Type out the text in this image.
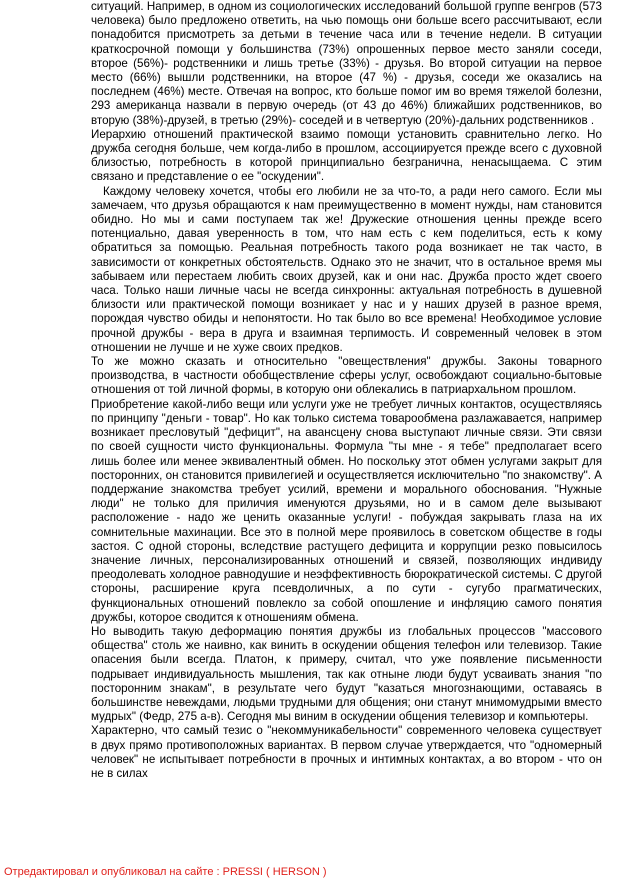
ситуаций. Например, в одном из социологических исследований большой группе венгров (573 человека) было предложено ответить, на чью помощь они больше всего рассчитывают, если понадобится присмотреть за детьми в течение часа или в течение недели. В ситуации краткосрочной помощи у большинства (73%) опрошенных первое место заняли соседи, второе (56%)- родственники и лишь третье (33%) - друзья. Во второй ситуации на первое место (66%) вышли родственники, на второе (47 %) - друзья, соседи же оказались на последнем (46%) месте. Отвечая на вопрос, кто больше помог им во время тяжелой болезни, 293 американца назвали в первую очередь (от 43 до 46%) ближайших родственников, во вторую (38%)-друзей, в третью (29%)- соседей и в четвертую (20%)-дальних родственников .

Иерархию отношений практической взаимо помощи установить сравнительно легко. Но дружба сегодня больше, чем когда-либо в прошлом, ассоциируется прежде всего с духовной близостью, потребность в которой принципиально безгранична, ненасыщаема. С этим связано и представление о ее "оскудении".

Каждому человеку хочется, чтобы его любили не за что-то, а ради него самого. Если мы замечаем, что друзья обращаются к нам преимущественно в момент нужды, нам становится обидно. Но мы и сами поступаем так же! Дружеские отношения ценны прежде всего потенциально, давая уверенность в том, что нам есть с кем поделиться, есть к кому обратиться за помощью. Реальная потребность такого рода возникает не так часто, в зависимости от конкретных обстоятельств. Однако это не значит, что в остальное время мы забываем или перестаем любить своих друзей, как и они нас. Дружба просто ждет своего часа. Только наши личные часы не всегда синхронны: актуальная потребность в душевной близости или практической помощи возникает у нас и у наших друзей в разное время, порождая чувство обиды и непонятости. Но так было во все времена! Необходимое условие прочной дружбы - вера в друга и взаимная терпимость. И современный человек в этом отношении не лучше и не хуже своих предков.

То же можно сказать и относительно "овеществления" дружбы. Законы товарного производства, в частности обобществление сферы услуг, освобождают социально-бытовые отношения от той личной формы, в которую они облекались в патриархальном прошлом.

Приобретение какой-либо вещи или услуги уже не требует личных контактов, осуществляясь по принципу "деньги - товар". Но как только система товарообмена разлажавается, например возникает пресловутый "дефицит", на авансцену снова выступают личные связи. Эти связи по своей сущности чисто функциональны. Формула "ты мне - я тебе" предполагает всего лишь более или менее эквивалентный обмен. Но поскольку этот обмен услугами закрыт для посторонних, он становится привилегией и осуществляется исключительно "по знакомству". А поддержание знакомства требует усилий, времени и морального обоснования. "Нужные люди" не только для приличия именуются друзьями, но и в самом деле вызывают расположение - надо же ценить оказанные услуги! - побуждая закрывать глаза на их сомнительные махинации. Все это в полной мере проявилось в советском обществе в годы застоя. С одной стороны, вследствие растущего дефицита и коррупции резко повысилось значение личных, персонализированных отношений и связей, позволяющих индивиду преодолевать холодное равнодушие и неэффективность бюрократической системы. С другой стороны, расширение круга псевдоличных, а по сути - сугубо прагматических, функциональных отношений повлекло за собой опошление и инфляцию самого понятия дружбы, которое сводится к отношениям обмена.

Но выводить такую деформацию понятия дружбы из глобальных процессов "массового общества" столь же наивно, как винить в оскудении общения телефон или телевизор. Такие опасения были всегда. Платон, к примеру, считал, что уже появление письменности подрывает индивидуальность мышления, так как отныне люди будут усваивать знания "по посторонним знакам", в результате чего будут "казаться многознающими, оставаясь в большинстве невеждами, людьми трудными для общения; они станут мнимомудрыми вместо мудрых" (Федр, 275 а-в). Сегодня мы виним в оскудении общения телевизор и компьютеры.

Характерно, что самый тезис о "некоммуникабельности" современного человека существует в двух прямо противоположных вариантах. В первом случае утверждается, что "одномерный человек" не испытывает потребности в прочных и интимных контактах, а во втором - что он не в силах

Отредактировал и опубликовал на сайте : PRESSI ( HERSON )
